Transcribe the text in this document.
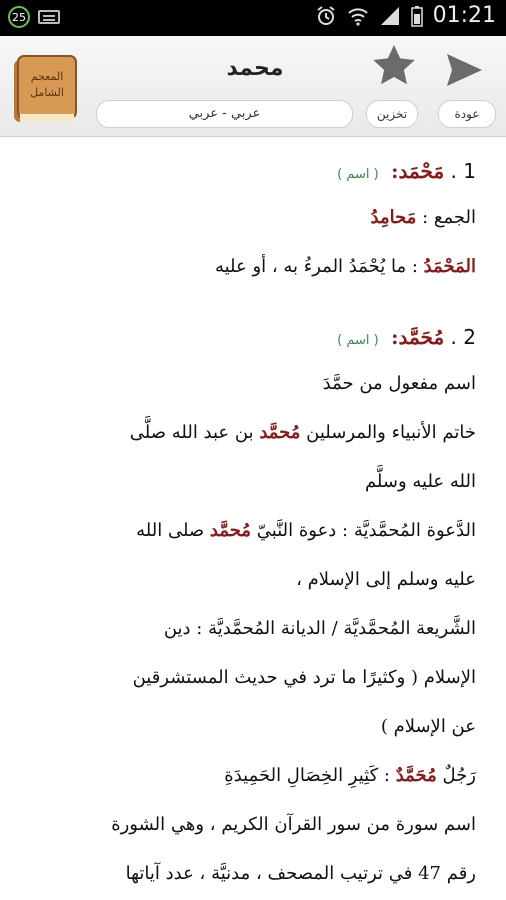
25	01:21
المعجم
الشامل
محمد
عربي - عربي	تخزين	عودة
1 . مَحْمَد: ( اسم )
الجمع : مَحامِدُ
المَحْمَدُ : ما يُحْمَدُ المرءُ به ، أو عليه
2 . مُحَمَّد: ( اسم )
اسم مفعول من حمَّدَ
خاتم الأنبياء والمرسلين مُحمَّد بن عبد الله صلَّى
الله عليه وسلَّم
الدَّعوة المُحمَّديَّة : دعوة النَّبيّ مُحمَّد صلى الله
عليه وسلم إلى الإسلام ،
الشَّريعة المُحمَّديَّة / الديانة المُحمَّديَّة : دين
الإسلام ( وكثيرًا ما ترد في حديث المستشرقين
عن الإسلام )
رَجُلٌ مُحَمَّدٌ : كَثِيرِ الخِصَالِ الحَمِيدَةِ
اسم سورة من سور القرآن الكريم ، وهي الشورة
رقم 47 في ترتيب المصحف ، مدنيَّة ، عدد آياتها
